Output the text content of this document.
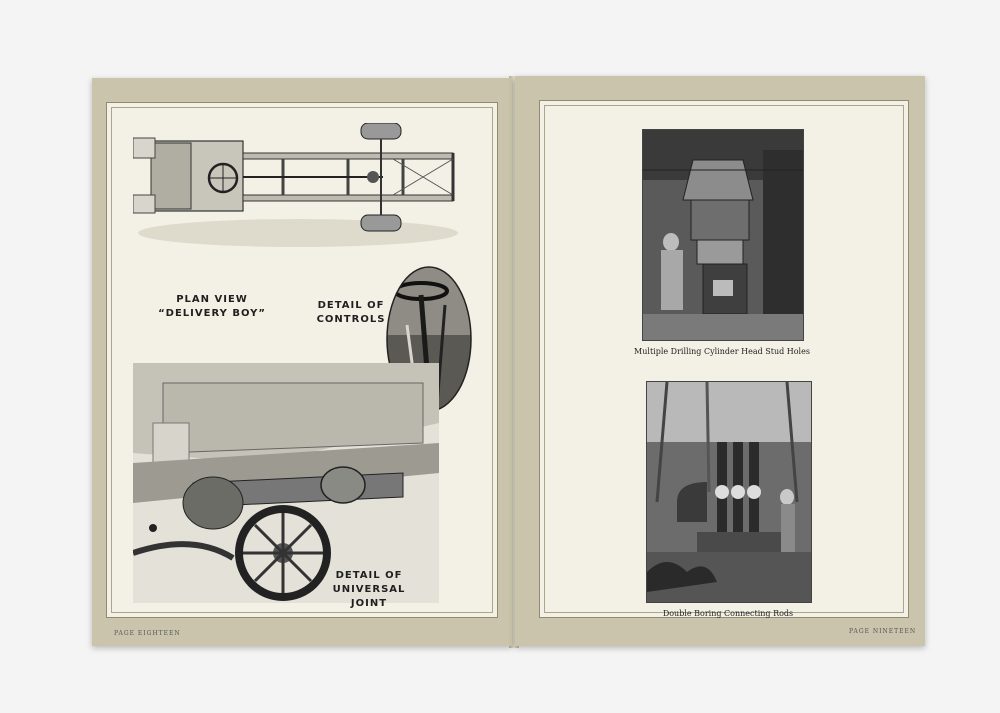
PLAN VIEW
“DELIVERY BOY”
DETAIL OF
CONTROLS
DETAIL OF
UNIVERSAL JOINT
PAGE EIGHTEEN
Multiple Drilling Cylinder Head Stud Holes
Double Boring Connecting Rods
PAGE NINETEEN
